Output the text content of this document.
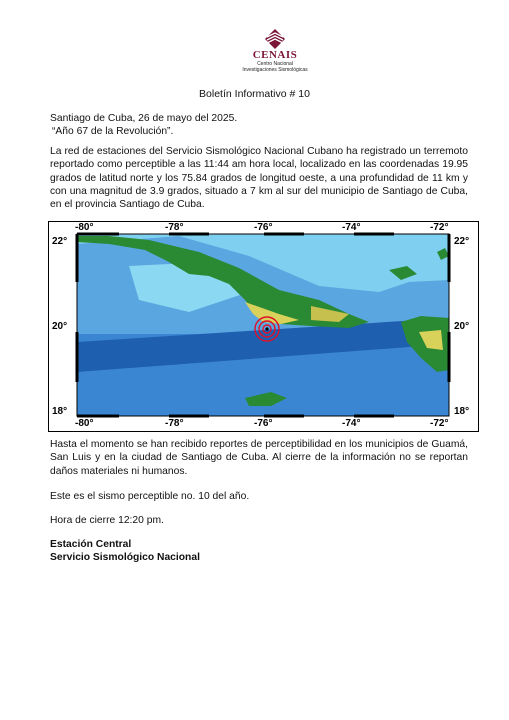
CENAIS
Centro Nacional
Investigaciones Sismológicas
Boletín Informativo # 10
Santiago de Cuba, 26 de mayo del 2025.
“Año 67 de la Revolución”.
La red de estaciones del Servicio Sismológico Nacional Cubano ha registrado un terremoto reportado como perceptible a las 11:44 am hora local, localizado en las coordenadas 19.95 grados de latitud norte y los 75.84 grados de longitud oeste, a una profundidad de 11 km y con una magnitud de 3.9 grados, situado a 7 km al sur del municipio de Santiago de Cuba, en el provincia Santiago de Cuba.
-80°	-78°	-76°	-74°	-72°
-80°	-78°	-76°	-74°	-72°
22°
20°
18°
22°
20°
18°
Hasta el momento se han recibido reportes de perceptibilidad en los municipios de Guamá, San Luis y en la ciudad de Santiago de Cuba. Al cierre de la información no se reportan daños materiales ni humanos.
Este es el sismo perceptible no. 10 del año.
Hora de cierre 12:20 pm.
Estación Central
Servicio Sismológico Nacional
